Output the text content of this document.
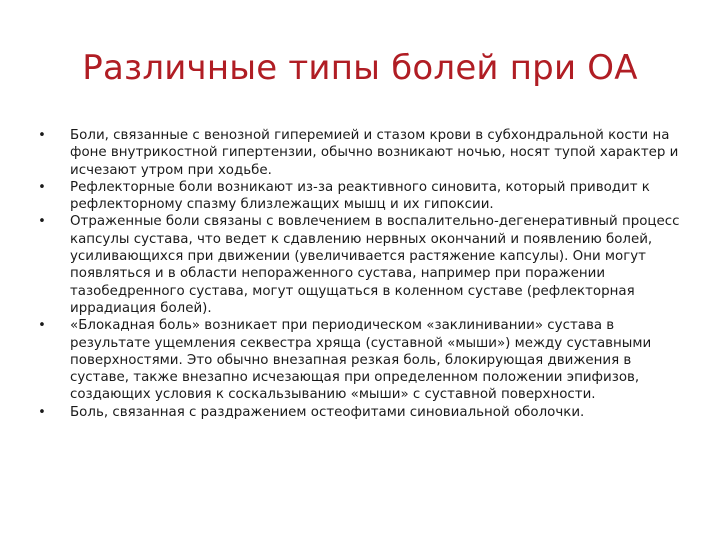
Различные типы болей при ОА
• Боли, связанные с венозной гиперемией и стазом крови в субхондральной кости на фоне внутрикостной гипертензии, обычно возникают ночью, носят тупой характер и исчезают утром при ходьбе.
• Рефлекторные боли возникают из-за реактивного синовита, который приводит к рефлекторному спазму близлежащих мышц и их гипоксии.
• Отраженные боли связаны с вовлечением в воспалительно-дегенеративный процесс капсулы сустава, что ведет к сдавлению нервных окончаний и появлению болей, усиливающихся при движении (увеличивается растяжение капсулы). Они могут появляться и в области непораженного сустава, например при поражении тазобедренного сустава, могут ощущаться в коленном суставе (рефлекторная иррадиация болей).
• «Блокадная боль» возникает при периодическом «заклинивании» сустава в результате ущемления секвестра хряща (суставной «мыши») между суставными поверхностями. Это обычно внезапная резкая боль, блокирующая движения в суставе, также внезапно исчезающая при определенном положении эпифизов, создающих условия к соскальзыванию «мыши» с суставной поверхности.
• Боль, связанная с раздражением остеофитами синовиальной оболочки.
